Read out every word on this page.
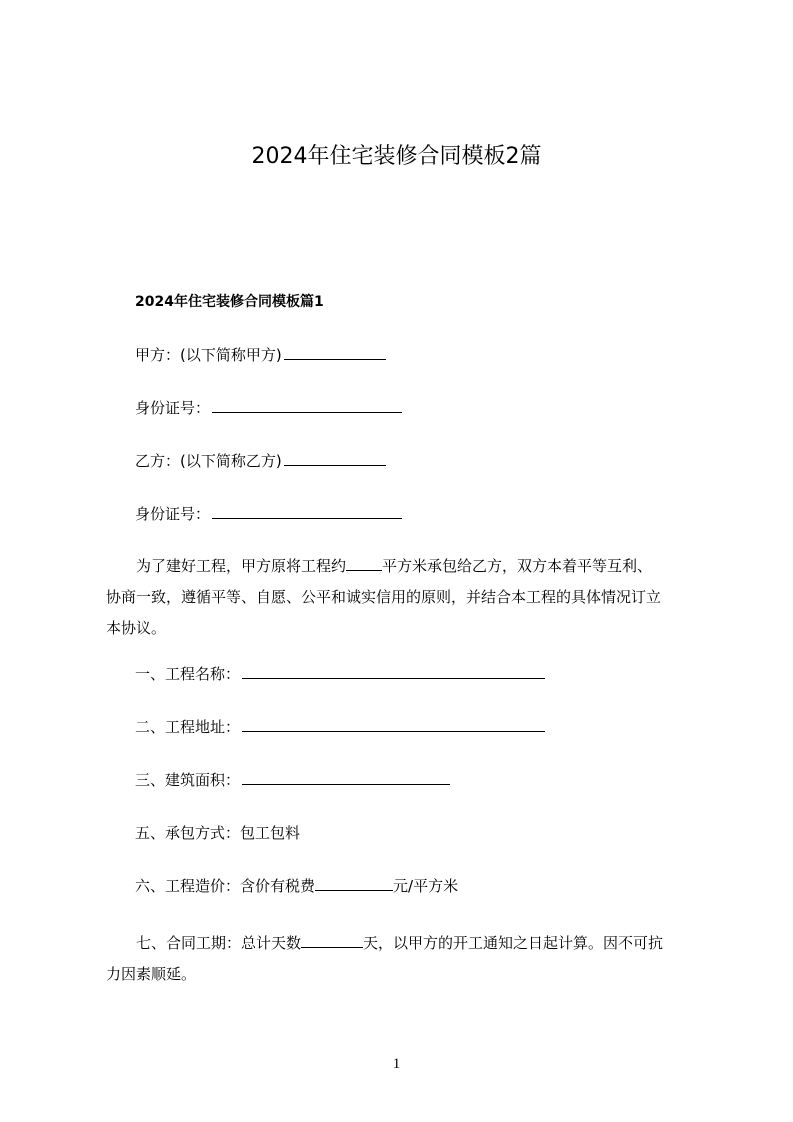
2024年住宅装修合同模板2篇
2024年住宅装修合同模板篇1
甲方：(以下简称甲方)
身份证号：
乙方：(以下简称乙方)
身份证号：
为了建好工程，甲方原将工程约 平方米承包给乙方，双方本着平等互利、
协商一致，遵循平等、自愿、公平和诚实信用的原则，并结合本工程的具体情况订立
本协议。
一、工程名称：
二、工程地址：
三、建筑面积：
五、承包方式：包工包料
六、工程造价：含价有税费	元/平方米
七、合同工期：总计天数	天，以甲方的开工通知之日起计算。因不可抗
力因素顺延。
1
